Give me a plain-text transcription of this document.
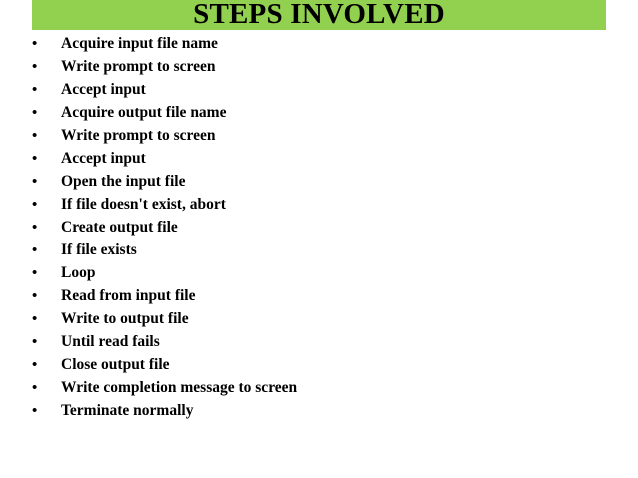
STEPS INVOLVED
• Acquire input file name
• Write prompt to screen
• Accept input
• Acquire output file name
• Write prompt to screen
• Accept input
• Open the input file
• If file doesn't exist, abort
• Create output file
• If file exists
• Loop
• Read from input file
• Write to output file
• Until read fails
• Close output file
• Write completion message to screen
• Terminate normally
